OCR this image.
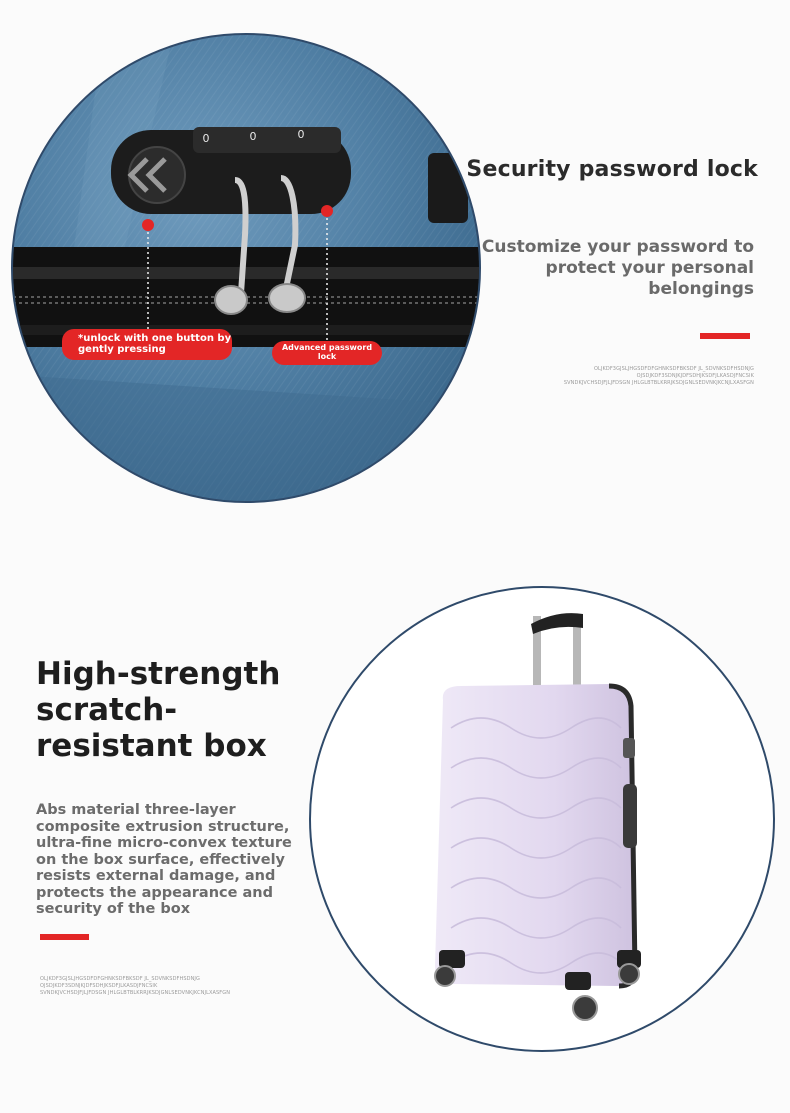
0	0	0
*unlock with one button by gently pressing	Advanced password lock
Security password lock
Customize your password to protect your personal belongings
OLJKDF3GJSLJHGSDFDFGHNKSDFBKSDF JL_SDVNKSDFHSDNJG
OJSDJKDF3SDNJKJDFSDHJKSDFJLKASDJFNCSIK
SVNDKJVCHSDJFJLJFDSGN JHLGLBTBLKRRJKSDJGNLSEDVNKJKCNJLXASFGN
High-strength scratch-resistant box
Abs material three-layer composite extrusion structure, ultra-fine micro-convex texture on the box surface, effectively resists external damage, and protects the appearance and security of the box
OLJKDF3GJSLJHGSDFDFGHNKSDFBKSDF JL_SDVNKSDFHSDNJG
OJSDJKDF3SDNJKJDFSDHJKSDFJLKASDJFNCSIK
SVNDKJVCHSDJFJLJFDSGN JHLGLBTBLKRRJKSDJGNLSEDVNKJKCNJLXASFGN
